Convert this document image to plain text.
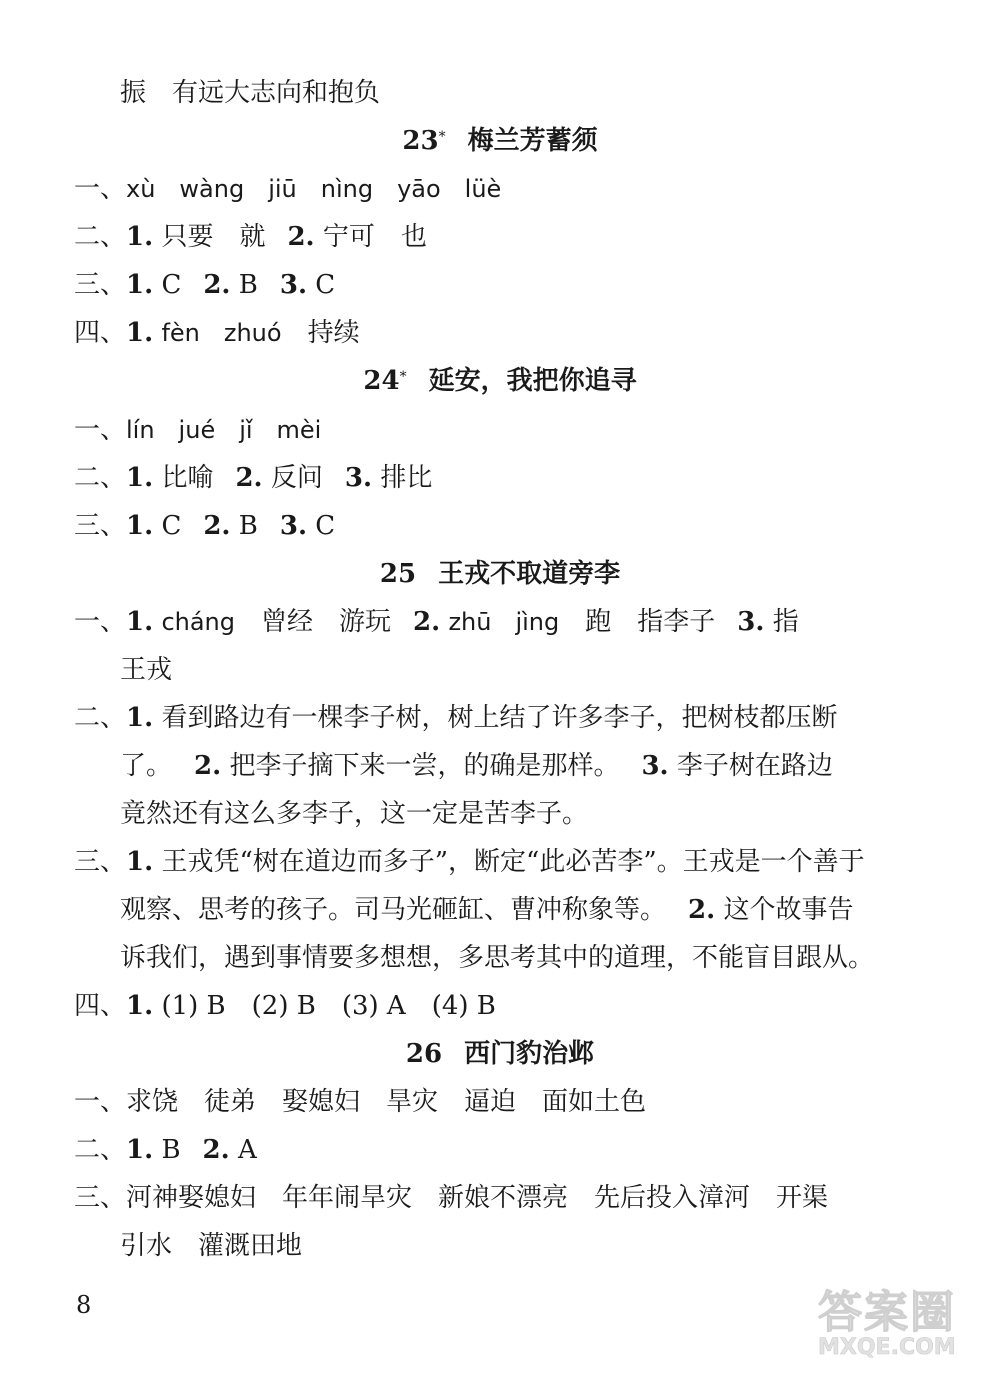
振　有远大志向和抱负
23* 梅兰芳蓄须
一、xù　wàng　jiū　nìng　yāo　lüè
二、1. 只要　就 2. 宁可　也
三、1. C 2. B 3. C
四、1. fèn　zhuó　 持续
24* 延安，我把你追寻
一、lín　jué　jǐ　mèi
二、1. 比喻 2. 反问 3. 排比
三、1. C 2. B 3. C
25 王戎不取道旁李
一、1. cháng　 曾经　游玩 2. zhū　jìng　 跑　指李子 3. 指
王戎
二、1. 看到路边有一棵李子树，树上结了许多李子，把树枝都压断
了。 2. 把李子摘下来一尝，的确是那样。 3. 李子树在路边
竟然还有这么多李子，这一定是苦李子。
三、1. 王戎凭“树在道边而多子”，断定“此必苦李”。王戎是一个善于
观察、思考的孩子。司马光砸缸、曹冲称象等。 2. 这个故事告
诉我们，遇到事情要多想想，多思考其中的道理，不能盲目跟从。
四、1. (1) B　(2) B　(3) A　(4) B
26 西门豹治邺
一、求饶　徒弟　娶媳妇　旱灾　逼迫　面如土色
二、1. B 2. A
三、河神娶媳妇　年年闹旱灾　新娘不漂亮　先后投入漳河　开渠
引水　灌溉田地
8	答案圈
MXQE.COM
